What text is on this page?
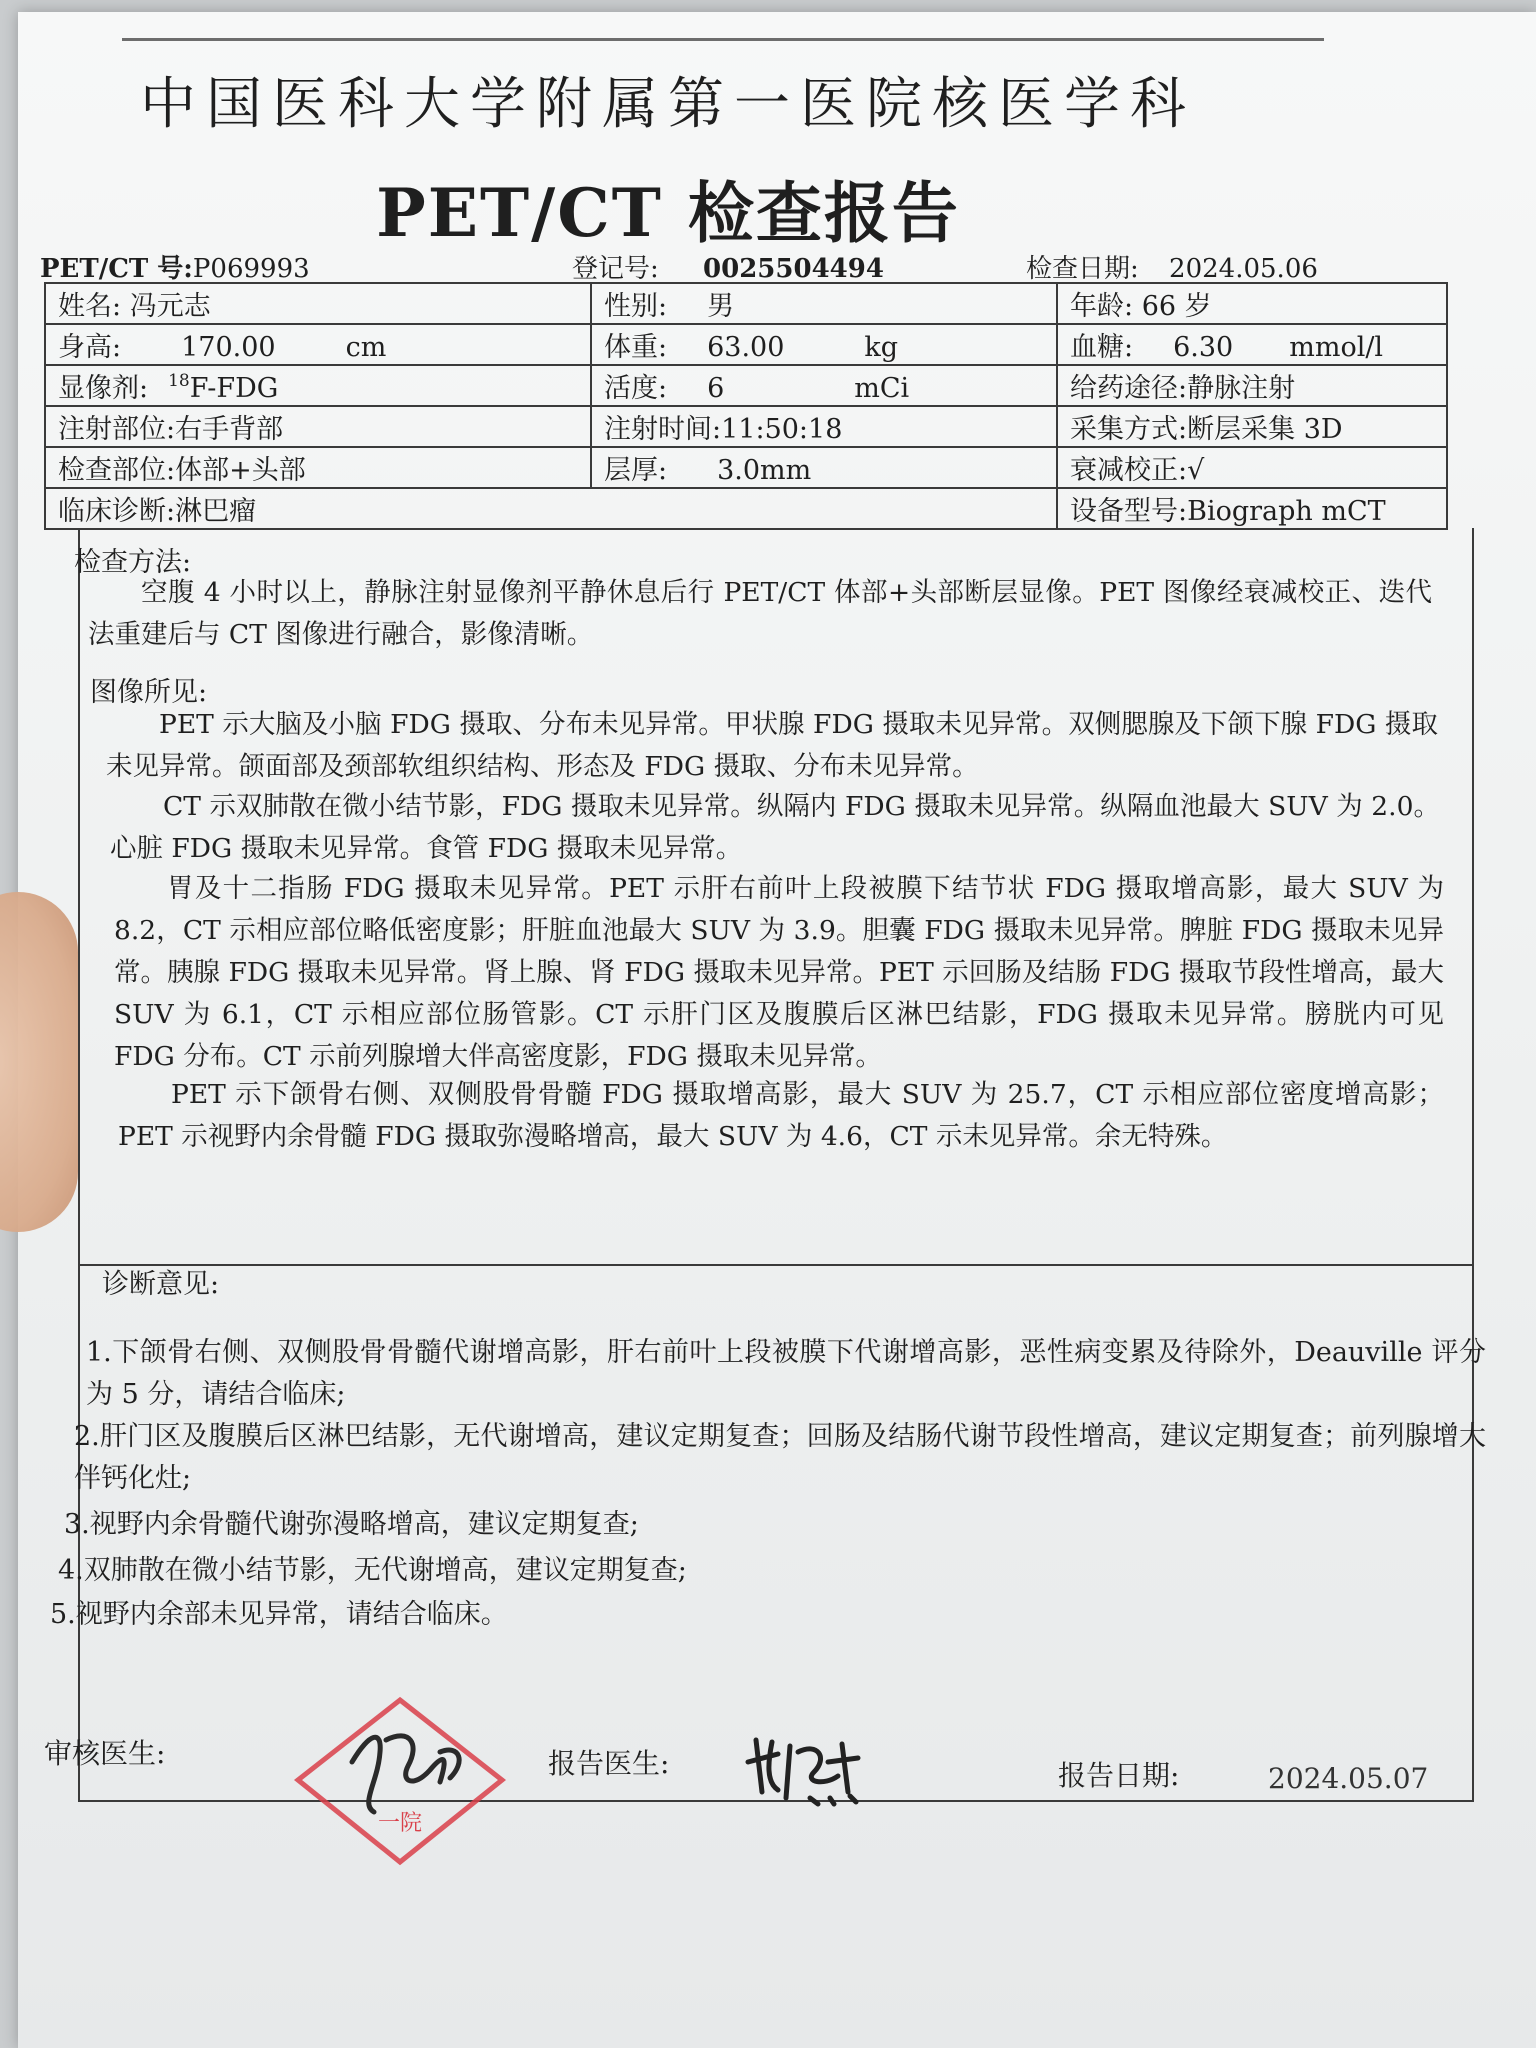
中国医科大学附属第一医院核医学科
PET/CT 检查报告
PET/CT 号:P069993	登记号: 0025504494	检查日期: 2024.05.06
姓名: 冯元志	性别: 男	年龄: 66 岁
身高: 170.00 cm	体重: 63.00 kg	血糖: 6.30 mmol/l
显像剂: $^{18}$F-FDG	活度: 6 mCi	给药途径:静脉注射
注射部位:右手背部	注射时间:11:50:18	采集方式:断层采集 3D
检查部位:体部+头部	层厚: 3.0mm	衰减校正:√
临床诊断:淋巴瘤		设备型号:Biograph mCT
检查方法:
空腹 4 小时以上，静脉注射显像剂平静休息后行 PET/CT 体部+头部断层显像。PET 图像经衰减校正、迭代法重建后与 CT 图像进行融合，影像清晰。
图像所见:
PET 示大脑及小脑 FDG 摄取、分布未见异常。甲状腺 FDG 摄取未见异常。双侧腮腺及下颌下腺 FDG 摄取未见异常。颌面部及颈部软组织结构、形态及 FDG 摄取、分布未见异常。
CT 示双肺散在微小结节影，FDG 摄取未见异常。纵隔内 FDG 摄取未见异常。纵隔血池最大 SUV 为 2.0。心脏 FDG 摄取未见异常。食管 FDG 摄取未见异常。
胃及十二指肠 FDG 摄取未见异常。PET 示肝右前叶上段被膜下结节状 FDG 摄取增高影，最大 SUV 为 8.2，CT 示相应部位略低密度影；肝脏血池最大 SUV 为 3.9。胆囊 FDG 摄取未见异常。脾脏 FDG 摄取未见异常。胰腺 FDG 摄取未见异常。肾上腺、肾 FDG 摄取未见异常。PET 示回肠及结肠 FDG 摄取节段性增高，最大 SUV 为 6.1，CT 示相应部位肠管影。CT 示肝门区及腹膜后区淋巴结影，FDG 摄取未见异常。膀胱内可见 FDG 分布。CT 示前列腺增大伴高密度影，FDG 摄取未见异常。
PET 示下颌骨右侧、双侧股骨骨髓 FDG 摄取增高影，最大 SUV 为 25.7，CT 示相应部位密度增高影；PET 示视野内余骨髓 FDG 摄取弥漫略增高，最大 SUV 为 4.6，CT 示未见异常。余无特殊。
诊断意见:
1.下颌骨右侧、双侧股骨骨髓代谢增高影，肝右前叶上段被膜下代谢增高影，恶性病变累及待除外，Deauville 评分为 5 分，请结合临床;
2.肝门区及腹膜后区淋巴结影，无代谢增高，建议定期复查；回肠及结肠代谢节段性增高，建议定期复查；前列腺增大伴钙化灶;
3.视野内余骨髓代谢弥漫略增高，建议定期复查;
4.双肺散在微小结节影，无代谢增高，建议定期复查;
5.视野内余部未见异常，请结合临床。
审核医生:
一院
报告医生:	报告日期:	2024.05.07
